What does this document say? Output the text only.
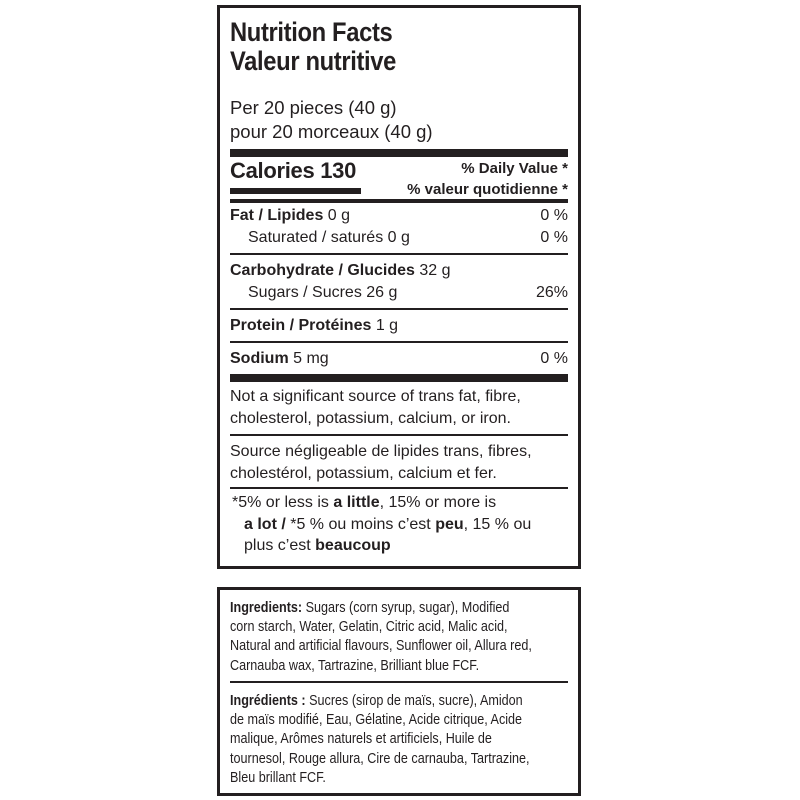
Nutrition Facts
Valeur nutritive
Per 20 pieces (40 g)
pour 20 morceaux (40 g)
Calories 130	% Daily Value *
% valeur quotidienne *
Fat / Lipides 0 g	0 %
Saturated / saturés 0 g	0 %
Carbohydrate / Glucides 32 g
Sugars / Sucres 26 g	26%
Protein / Protéines 1 g
Sodium 5 mg	0 %

Not a significant source of trans fat, fibre,

cholesterol, potassium, calcium, or iron.

Source négligeable de lipides trans, fibres,

cholestérol, potassium, calcium et fer.

*5% or less is a little, 15% or more is

a lot / *5 % ou moins c’est peu, 15 % ou

plus c’est beaucoup

Ingredients: Sugars (corn syrup, sugar), Modified

corn starch, Water, Gelatin, Citric acid, Malic acid,

Natural and artificial flavours, Sunflower oil, Allura red,

Carnauba wax, Tartrazine, Brilliant blue FCF.

Ingrédients : Sucres (sirop de maïs, sucre), Amidon

de maïs modifié, Eau, Gélatine, Acide citrique, Acide

malique, Arômes naturels et artificiels, Huile de

tournesol, Rouge allura, Cire de carnauba, Tartrazine,

Bleu brillant FCF.
